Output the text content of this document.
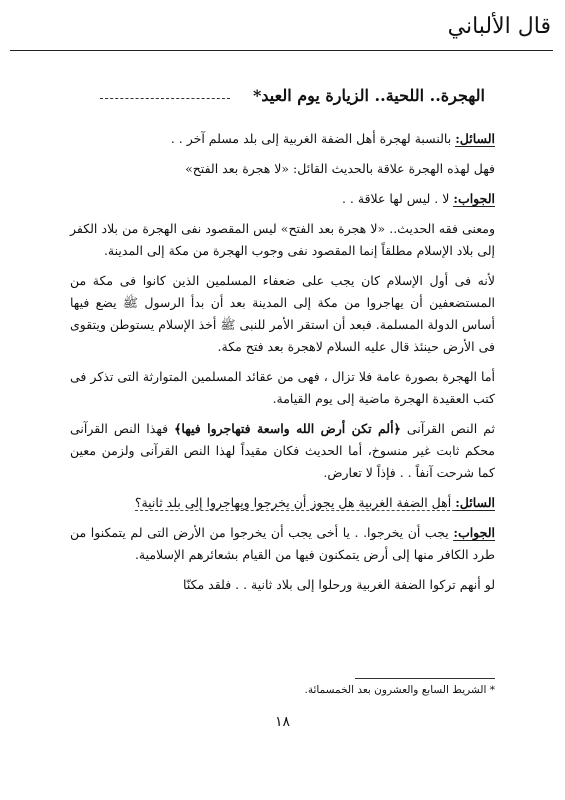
قال الألباني
الهجرة.. اللحية.. الزيارة يوم العيد*

السائل: بالنسبة لهجرة أهل الضفة الغربية إلى بلد مسلم آخر . .

فهل لهذه الهجرة علاقة بالحديث القائل: «لا هجرة بعد الفتح»

الجواب: لا . ليس لها علاقة . .

ومعنى فقه الحديث.. «لا هجرة بعد الفتح» ليس المقصود نفى الهجرة من بلاد الكفر إلى بلاد الإسلام مطلقاً إنما المقصود نفى وجوب الهجرة من مكة إلى المدينة.

لأنه فى أول الإسلام كان يجب على ضعفاء المسلمين الذين كانوا فى مكة من المستضعفين أن يهاجروا من مكة إلى المدينة بعد أن بدأ الرسول ﷺ يضع فيها أساس الدولة المسلمة. فبعد أن استقر الأمر للنبى ﷺ أخذ الإسلام يستوطن ويتقوى فى الأرض حينئذ قال عليه السلام لاهجرة بعد فتح مكة.

أما الهجرة بصورة عامة فلا تزال ، فهى من عقائد المسلمين المتوارثة التى تذكر فى كتب العقيدة الهجرة ماضية إلى يوم القيامة.

ثم النص القرآنى ﴿ألم تكن أرض الله واسعة فتهاجروا فيها﴾ فهذا النص القرآنى محكم ثابت غير منسوخ، أما الحديث فكان مقيداً لهذا النص القرآنى ولزمن معين كما شرحت آنفاً . . فإذاً لا تعارض.

السائل: أهل الضفة الغربية هل يجوز أن يخرجوا ويهاجروا إلى بلد ثانية؟

الجواب: يجب أن يخرجوا. . يا أخى يجب أن يخرجوا من الأرض التى لم يتمكنوا من طرد الكافر منها إلى أرض يتمكنون فيها من القيام بشعائرهم الإسلامية.

لو أنهم تركوا الضفة الغربية ورحلوا إلى بلاد ثانية . . فلقد مكنّا

* الشريط السابع والعشرون بعد الخمسمائة.
١٨
